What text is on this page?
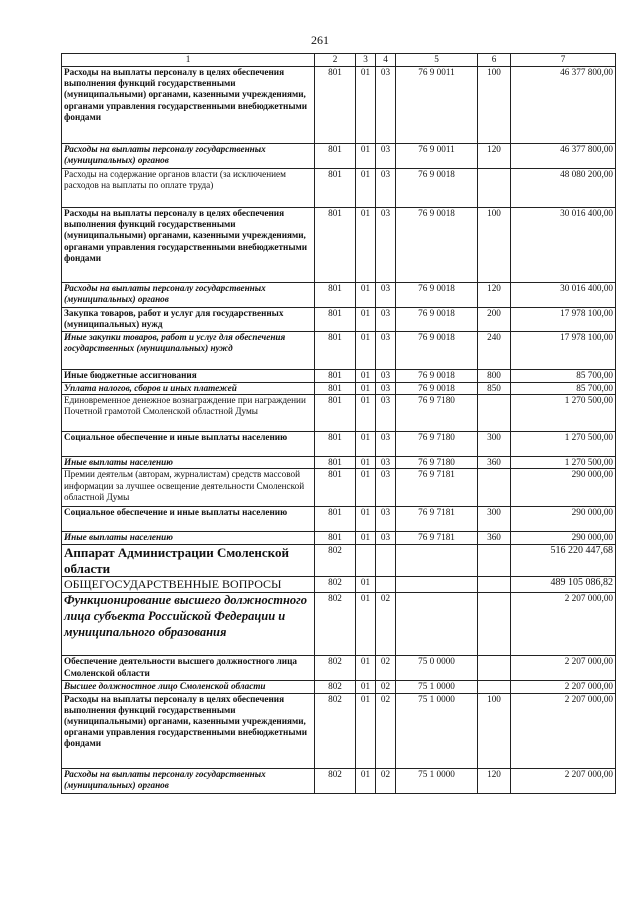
261
1	2	3	4	5	6	7
Расходы на выплаты персоналу в целях обеспечения выполнения функций государственными (муниципальными) органами, казенными учреждениями, органами управления государственными внебюджетными фондами	801	01	03	76 9 0011	100	46 377 800,00
Расходы на выплаты персоналу государственных (муниципальных) органов	801	01	03	76 9 0011	120	46 377 800,00
Расходы на содержание органов власти (за исключением расходов на выплаты по оплате труда)	801	01	03	76 9 0018		48 080 200,00
Расходы на выплаты персоналу в целях обеспечения выполнения функций государственными (муниципальными) органами, казенными учреждениями, органами управления государственными внебюджетными фондами	801	01	03	76 9 0018	100	30 016 400,00
Расходы на выплаты персоналу государственных (муниципальных) органов	801	01	03	76 9 0018	120	30 016 400,00
Закупка товаров, работ и услуг для государственных (муниципальных) нужд	801	01	03	76 9 0018	200	17 978 100,00
Иные закупки товаров, работ и услуг для обеспечения государственных (муниципальных) нужд	801	01	03	76 9 0018	240	17 978 100,00
Иные бюджетные ассигнования	801	01	03	76 9 0018	800	85 700,00
Уплата налогов, сборов и иных платежей	801	01	03	76 9 0018	850	85 700,00
Единовременное денежное вознаграждение при награждении Почетной грамотой Смоленской областной Думы	801	01	03	76 9 7180		1 270 500,00
Социальное обеспечение и иные выплаты населению	801	01	03	76 9 7180	300	1 270 500,00
Иные выплаты населению	801	01	03	76 9 7180	360	1 270 500,00
Премии деятельм (авторам, журналистам) средств массовой информации за лучшее освещение деятельности Смоленской областной Думы	801	01	03	76 9 7181		290 000,00
Социальное обеспечение и иные выплаты населению	801	01	03	76 9 7181	300	290 000,00
Иные выплаты населению	801	01	03	76 9 7181	360	290 000,00
Аппарат Администрации Смоленской области	802					516 220 447,68
ОБЩЕГОСУДАРСТВЕННЫЕ ВОПРОСЫ	802	01				489 105 086,82
Функционирование высшего должностного лица субъекта Российской Федерации и муниципального образования	802	01	02			2 207 000,00
Обеспечение деятельности высшего должностного лица Смоленской области	802	01	02	75 0 0000		2 207 000,00
Высшее должностное лицо Смоленской области	802	01	02	75 1 0000		2 207 000,00
Расходы на выплаты персоналу в целях обеспечения выполнения функций государственными (муниципальными) органами, казенными учреждениями, органами управления государственными внебюджетными фондами	802	01	02	75 1 0000	100	2 207 000,00
Расходы на выплаты персоналу государственных (муниципальных) органов	802	01	02	75 1 0000	120	2 207 000,00
